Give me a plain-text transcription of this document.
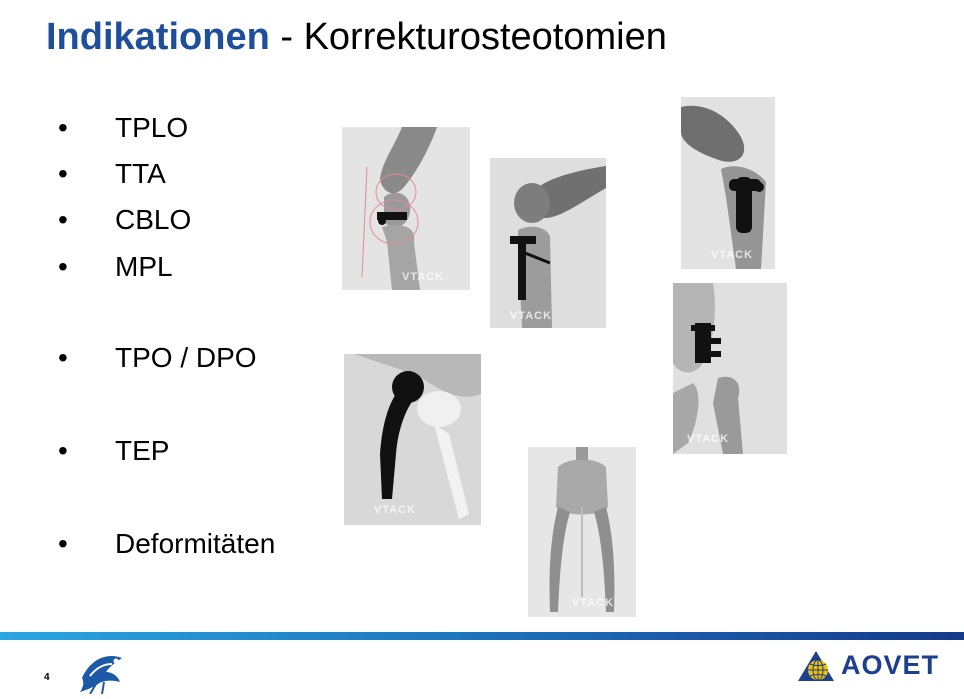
Indikationen - Korrekturosteotomien
• TPLO
• TTA
• CBLO
• MPL
• TPO / DPO
• TEP
• Deformitäten
VTACK
VTACK
VTACK
VTACK
VTACK
VTACK
4	AOVET
